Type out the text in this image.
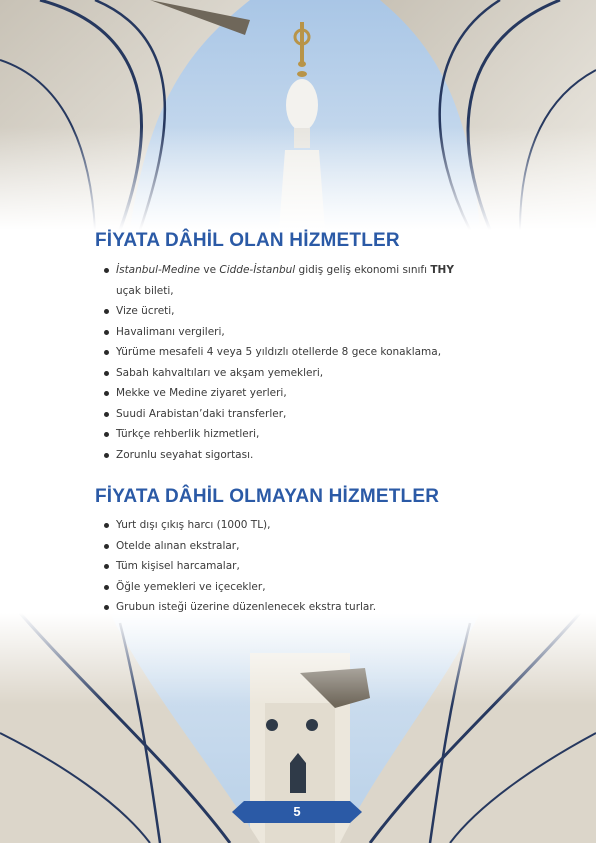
FİYATA DÂHİL OLAN HİZMETLER
İstanbul-Medine ve Cidde-İstanbul gidiş geliş ekonomi sınıfı THY
uçak bileti,
Vize ücreti,
Havalimanı vergileri,
Yürüme mesafeli 4 veya 5 yıldızlı otellerde 8 gece konaklama,
Sabah kahvaltıları ve akşam yemekleri,
Mekke ve Medine ziyaret yerleri,
Suudi Arabistan’daki transferler,
Türkçe rehberlik hizmetleri,
Zorunlu seyahat sigortası.
FİYATA DÂHİL OLMAYAN HİZMETLER
Yurt dışı çıkış harcı (1000 TL),
Otelde alınan ekstralar,
Tüm kişisel harcamalar,
Öğle yemekleri ve içecekler,
Grubun isteği üzerine düzenlenecek ekstra turlar.
5
